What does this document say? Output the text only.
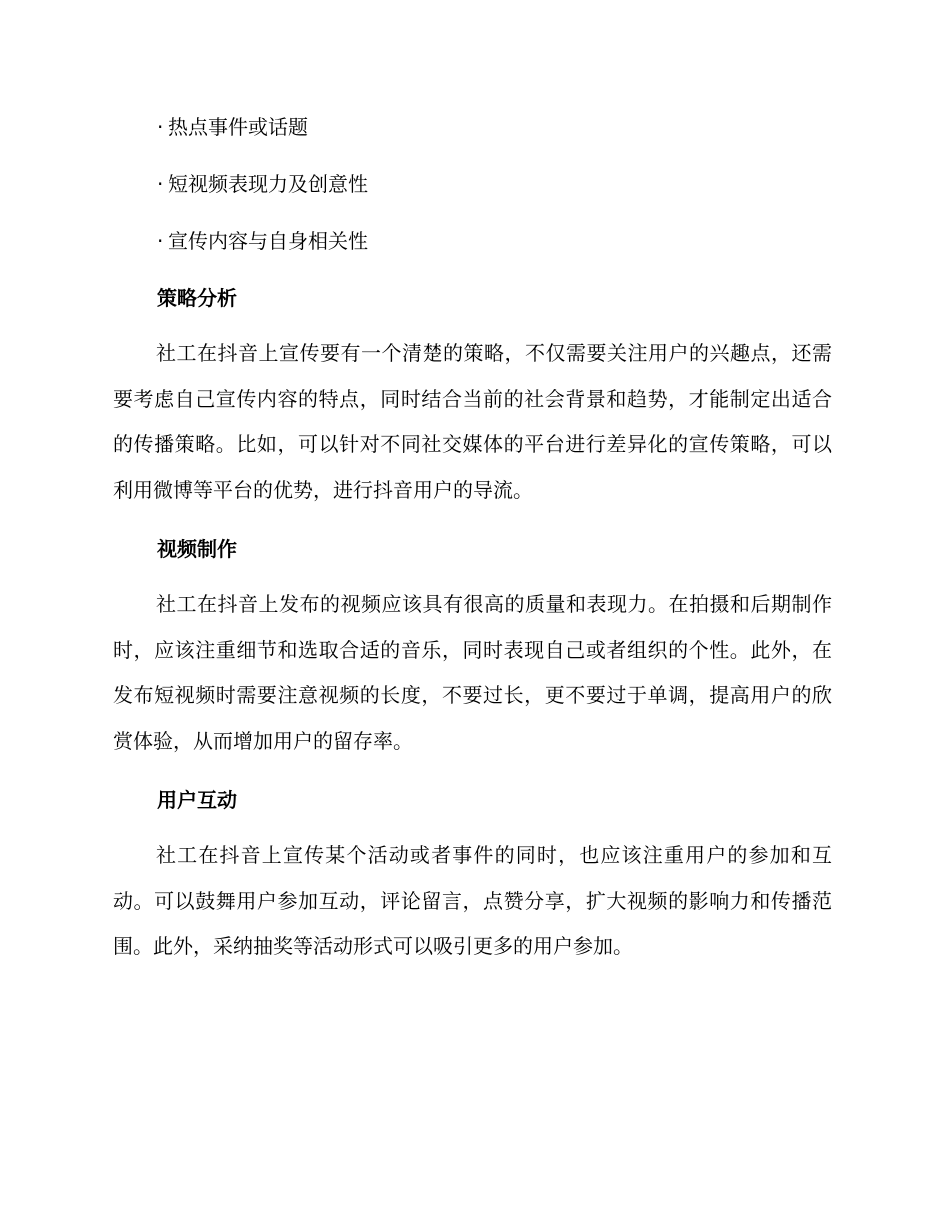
· 热点事件或话题
· 短视频表现力及创意性
· 宣传内容与自身相关性
策略分析
社工在抖音上宣传要有一个清楚的策略，不仅需要关注用户的兴趣点，还需要考虑自己宣传内容的特点，同时结合当前的社会背景和趋势，才能制定出适合的传播策略。比如，可以针对不同社交媒体的平台进行差异化的宣传策略，可以利用微博等平台的优势，进行抖音用户的导流。
视频制作
社工在抖音上发布的视频应该具有很高的质量和表现力。在拍摄和后期制作时，应该注重细节和选取合适的音乐，同时表现自己或者组织的个性。此外，在发布短视频时需要注意视频的长度，不要过长，更不要过于单调，提高用户的欣赏体验，从而增加用户的留存率。
用户互动
社工在抖音上宣传某个活动或者事件的同时，也应该注重用户的参加和互动。可以鼓舞用户参加互动，评论留言，点赞分享，扩大视频的影响力和传播范围。此外，采纳抽奖等活动形式可以吸引更多的用户参加。
